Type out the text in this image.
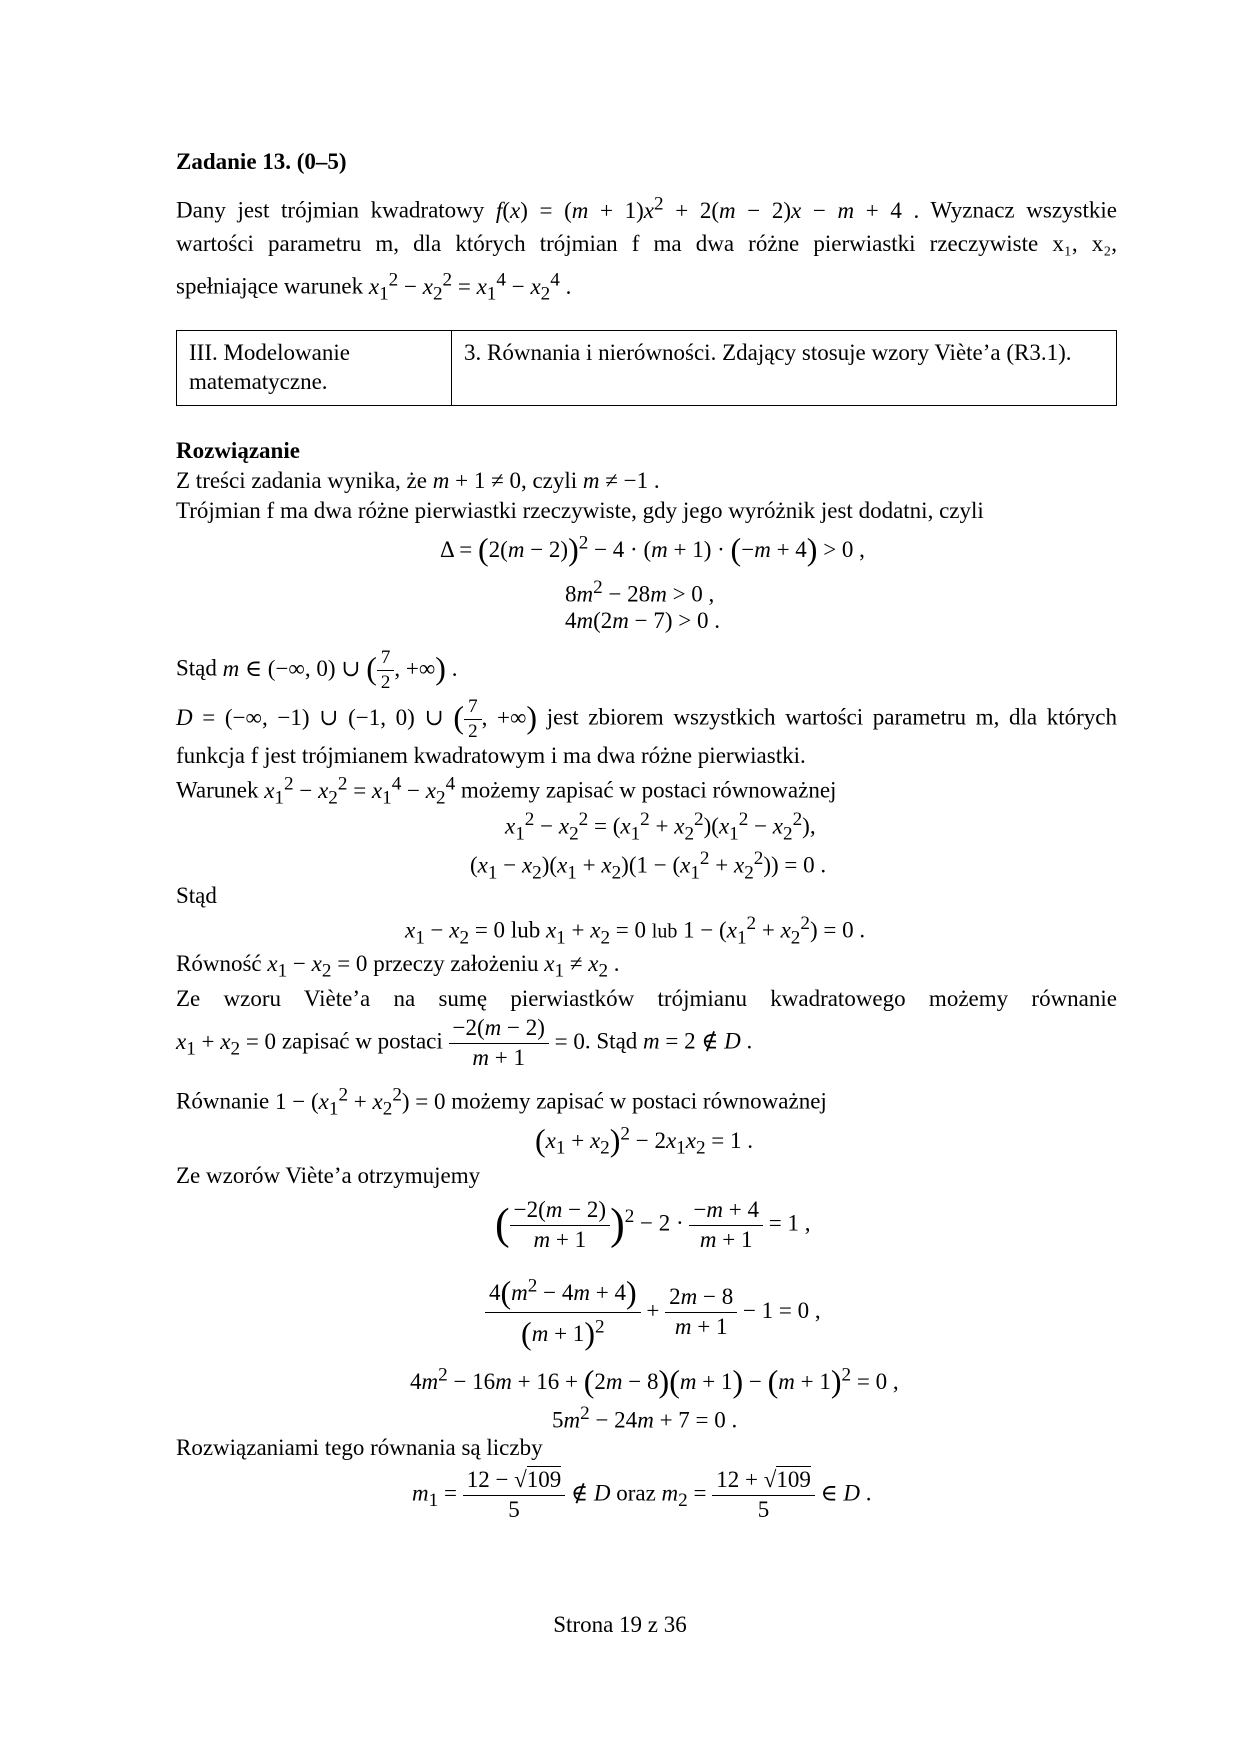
Zadanie 13. (0–5)
Dany jest trójmian kwadratowy $f(x) = (m + 1)x^2 + 2(m - 2)x - m + 4$ . Wyznacz wszystkie
wartości parametru m, dla których trójmian f ma dwa różne pierwiastki rzeczywiste x₁, x₂,
spełniające warunek $x_1^2 - x_2^2 = x_1^4 - x_2^4$ .
III. Modelowanie matematyczne.	3. Równania i nierówności. Zdający stosuje wzory Viète’a (R3.1).
Rozwiązanie
Z treści zadania wynika, że m + 1 ≠ 0, czyli m ≠ −1 .
Trójmian f ma dwa różne pierwiastki rzeczywiste, gdy jego wyróżnik jest dodatni, czyli
$\Delta = (2(m - 2))^2 - 4 \cdot (m + 1) \cdot (-m + 4) > 0$ ,
$8m^2 - 28m > 0$ ,
4m(2m − 7) > 0 .
Stąd m ∈ (−∞, 0) ∪ ( $\frac{7}{2}$ , +∞) .
D = (−∞, −1) ∪ (−1, 0) ∪ ( $\frac{7}{2}$ , +∞) jest zbiorem wszystkich wartości parametru m, dla których
funkcja f jest trójmianem kwadratowym i ma dwa różne pierwiastki.
Warunek $x_1^2 - x_2^2 = x_1^4 - x_2^4$ możemy zapisać w postaci równoważnej
$x_1^2 - x_2^2 = (x_1^2 + x_2^2)(x_1^2 - x_2^2)$,
$(x_1 - x_2)(x_1 + x_2)(1 - (x_1^2 + x_2^2)) = 0$ .
Stąd
$x_1 - x_2 = 0$ lub $x_1 + x_2 = 0$ lub $1 - (x_1^2 + x_2^2) = 0$ .
Równość $x_1 - x_2 = 0$ przeczy założeniu $x_1 \ne x_2$ .
Ze wzoru Viète’a na sumę pierwiastków trójmianu kwadratowego możemy równanie
$x_1 + x_2 = 0$ zapisać w postaci $\frac{-2(m - 2)}{m + 1} = 0$. Stąd m = 2 ∉ D .
Równanie $1 - (x_1^2 + x_2^2) = 0$ możemy zapisać w postaci równoważnej
$(x_1 + x_2)^2 - 2x_1x_2 = 1$ .
Ze wzorów Viète’a otrzymujemy
( $\frac{-2(m - 2)}{m + 1} )^2 - 2 \cdot \frac{-m + 4}{m + 1} = 1$ ,
$\frac{4(m^2 - 4m + 4)}{(m + 1)^2} + \frac{2m - 8}{m + 1} - 1 = 0$ ,
$4m^2 - 16m + 16 + (2m - 8)(m + 1) - (m + 1)^2 = 0$ ,
$5m^2 - 24m + 7 = 0$ .
Rozwiązaniami tego równania są liczby
$m_1 = \frac{12 - √109}{5}$ ∉ D oraz $m_2 = \frac{12 + √109}{5}$ ∈ D .
Strona 19 z 36
